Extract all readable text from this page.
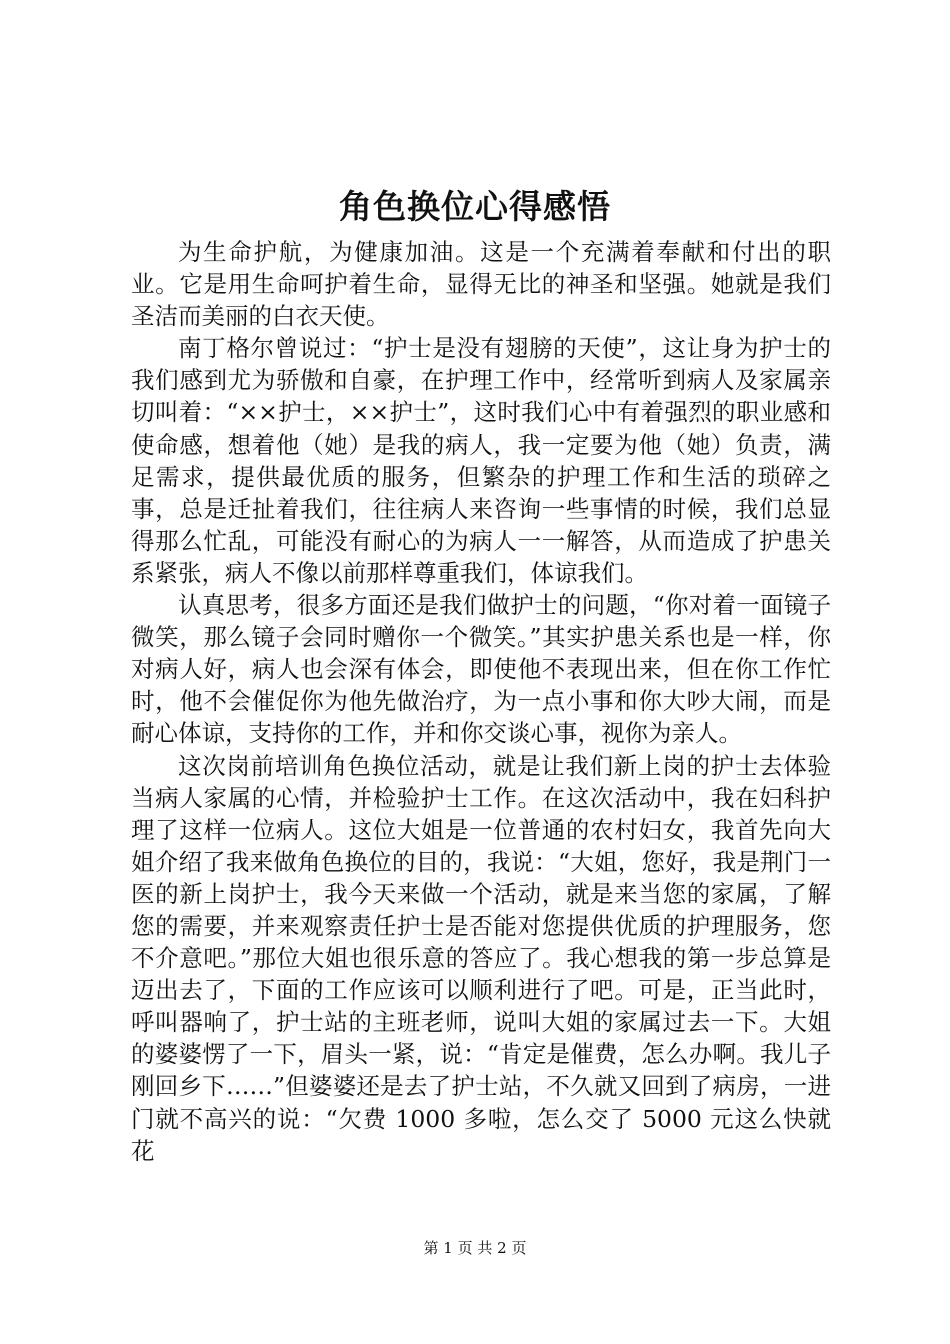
角色换位心得感悟

为生命护航，为健康加油。这是一个充满着奉献和付出的职业。它是用生命呵护着生命，显得无比的神圣和坚强。她就是我们圣洁而美丽的白衣天使。

南丁格尔曾说过：“护士是没有翅膀的天使”，这让身为护士的我们感到尤为骄傲和自豪，在护理工作中，经常听到病人及家属亲切叫着：“××护士，××护士”，这时我们心中有着强烈的职业感和使命感，想着他（她）是我的病人，我一定要为他（她）负责，满足需求，提供最优质的服务，但繁杂的护理工作和生活的琐碎之事，总是迁扯着我们，往往病人来咨询一些事情的时候，我们总显得那么忙乱，可能没有耐心的为病人一一解答，从而造成了护患关系紧张，病人不像以前那样尊重我们，体谅我们。

认真思考，很多方面还是我们做护士的问题，“你对着一面镜子微笑，那么镜子会同时赠你一个微笑。”其实护患关系也是一样，你对病人好，病人也会深有体会，即使他不表现出来，但在你工作忙时，他不会催促你为他先做治疗，为一点小事和你大吵大闹，而是耐心体谅，支持你的工作，并和你交谈心事，视你为亲人。

这次岗前培训角色换位活动，就是让我们新上岗的护士去体验当病人家属的心情，并检验护士工作。在这次活动中，我在妇科护理了这样一位病人。这位大姐是一位普通的农村妇女，我首先向大姐介绍了我来做角色换位的目的，我说：“大姐，您好，我是荆门一医的新上岗护士，我今天来做一个活动，就是来当您的家属，了解您的需要，并来观察责任护士是否能对您提供优质的护理服务，您不介意吧。”那位大姐也很乐意的答应了。我心想我的第一步总算是迈出去了，下面的工作应该可以顺利进行了吧。可是，正当此时，呼叫器响了，护士站的主班老师，说叫大姐的家属过去一下。大姐的婆婆愣了一下，眉头一紧，说：“肯定是催费，怎么办啊。我儿子刚回乡下……”但婆婆还是去了护士站，不久就又回到了病房，一进门就不高兴的说：“欠费 1000 多啦，怎么交了 5000 元这么快就花

第 1 页 共 2 页
